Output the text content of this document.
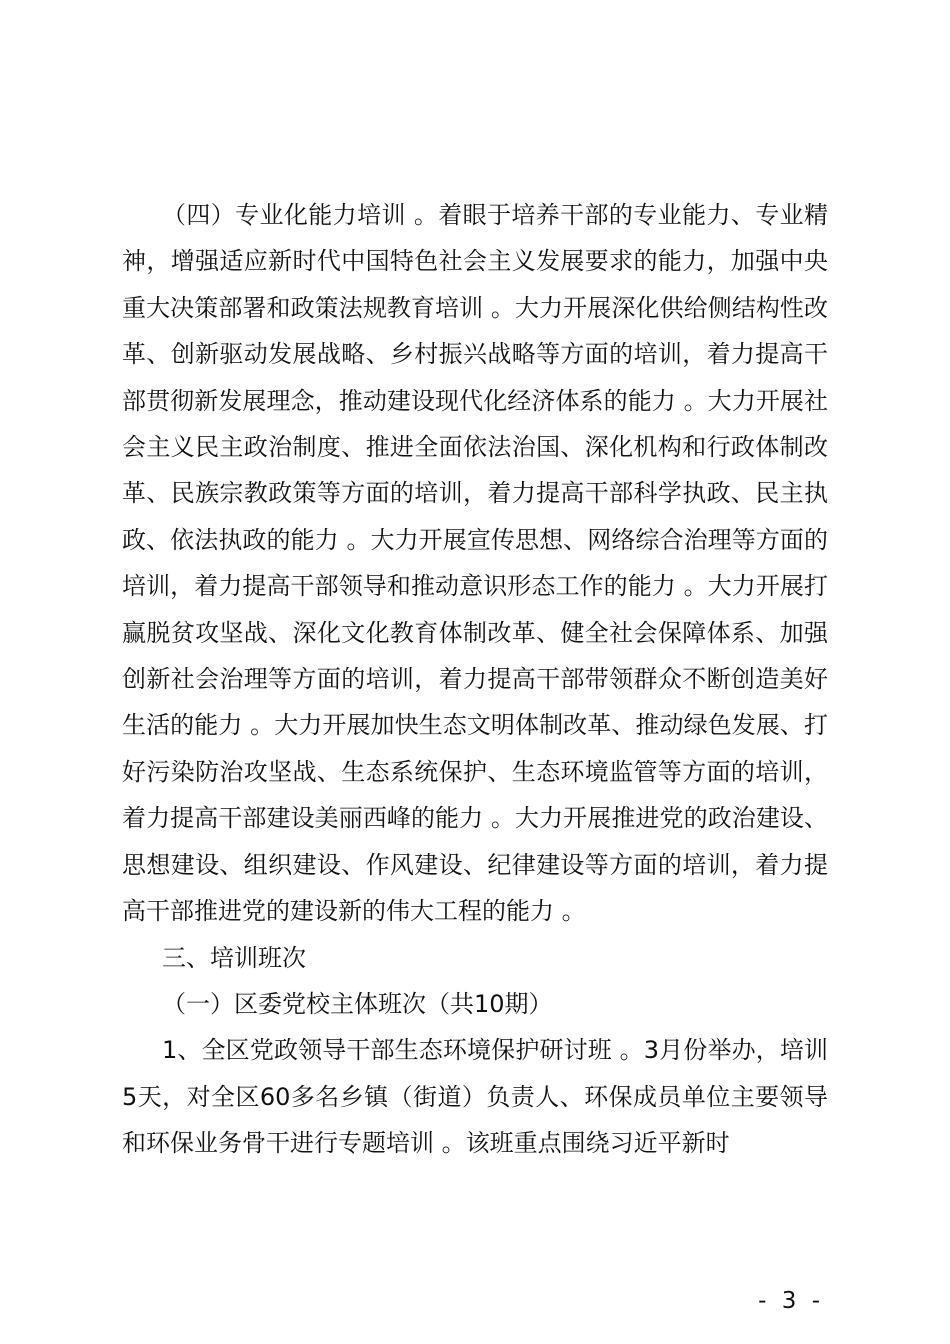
（四）专业化能力培训 。着眼于培养干部的专业能力、专业精神，增强适应新时代中国特色社会主义发展要求的能力，加强中央重大决策部署和政策法规教育培训 。大力开展深化供给侧结构性改革、创新驱动发展战略、乡村振兴战略等方面的培训，着力提高干部贯彻新发展理念，推动建设现代化经济体系的能力 。大力开展社会主义民主政治制度、推进全面依法治国、深化机构和行政体制改革、民族宗教政策等方面的培训，着力提高干部科学执政、民主执政、依法执政的能力 。大力开展宣传思想、网络综合治理等方面的培训，着力提高干部领导和推动意识形态工作的能力 。大力开展打赢脱贫攻坚战、深化文化教育体制改革、健全社会保障体系、加强创新社会治理等方面的培训，着力提高干部带领群众不断创造美好生活的能力 。大力开展加快生态文明体制改革、推动绿色发展、打好污染防治攻坚战、生态系统保护、生态环境监管等方面的培训，着力提高干部建设美丽西峰的能力 。大力开展推进党的政治建设、思想建设、组织建设、作风建设、纪律建设等方面的培训，着力提高干部推进党的建设新的伟大工程的能力 。

三、培训班次

（一）区委党校主体班次（共10期）

1、全区党政领导干部生态环境保护研讨班 。3月份举办，培训5天，对全区60多名乡镇（街道）负责人、环保成员单位主要领导和环保业务骨干进行专题培训 。该班重点围绕习近平新时

- 3 -
